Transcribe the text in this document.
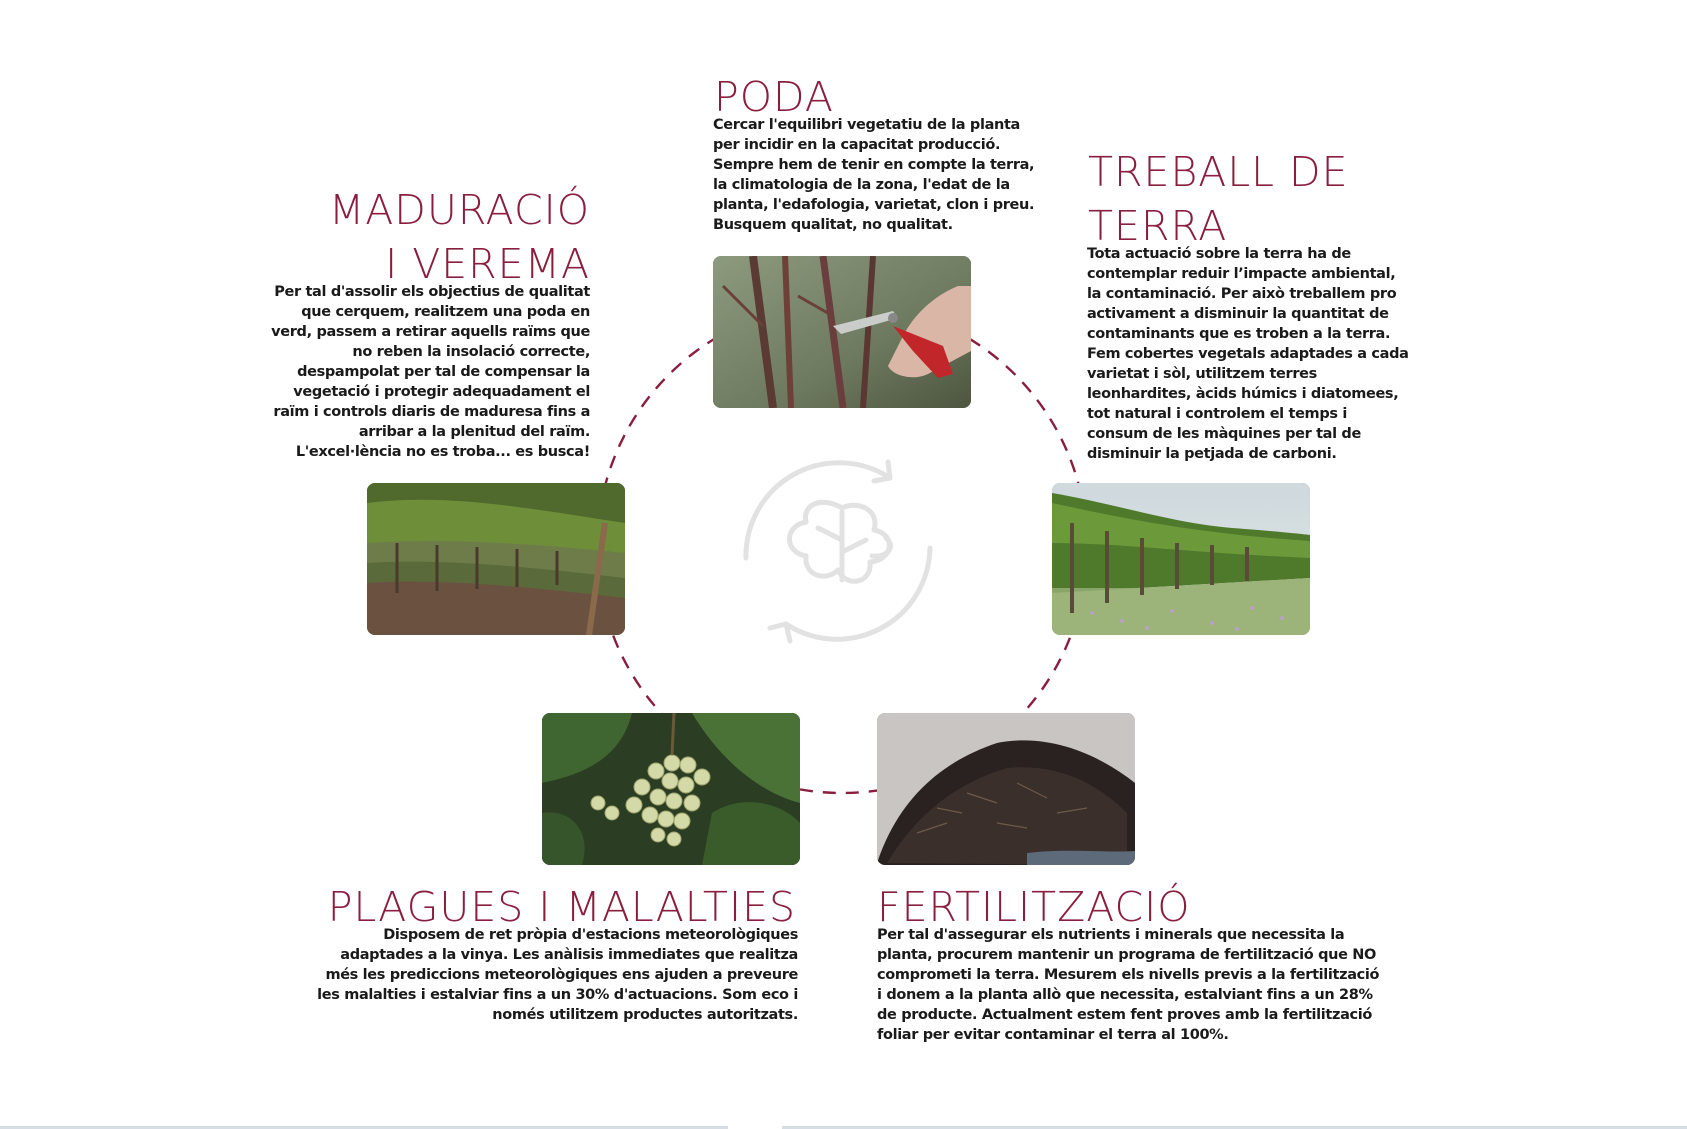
PODA

Cercar l'equilibri vegetatiu de la planta
per incidir en la capacitat producció.
Sempre hem de tenir en compte la terra,
la climatologia de la zona, l'edat de la
planta, l'edafologia, varietat, clon i preu.
Busquem qualitat, no qualitat.

TREBALL DE
TERRA

Tota actuació sobre la terra ha de
contemplar reduir l’impacte ambiental,
la contaminació. Per això treballem pro
activament a disminuir la quantitat de
contaminants que es troben a la terra.
Fem cobertes vegetals adaptades a cada
varietat i sòl, utilitzem terres
leonhardites, àcids húmics i diatomees,
tot natural i controlem el temps i
consum de les màquines per tal de
disminuir la petjada de carboni.

FERTILITZACIÓ

Per tal d'assegurar els nutrients i minerals que necessita la
planta, procurem mantenir un programa de fertilització que NO
comprometi la terra. Mesurem els nivells previs a la fertilització
i donem a la planta allò que necessita, estalviant fins a un 28%
de producte. Actualment estem fent proves amb la fertilització
foliar per evitar contaminar el terra al 100%.

PLAGUES I MALALTIES

Disposem de ret pròpia d'estacions meteorològiques
adaptades a la vinya. Les anàlisis immediates que realitza
més les prediccions meteorològiques ens ajuden a preveure
les malalties i estalviar fins a un 30% d'actuacions. Som eco i
només utilitzem productes autoritzats.

MADURACIÓ
I VEREMA

Per tal d'assolir els objectius de qualitat
que cerquem, realitzem una poda en
verd, passem a retirar aquells raïms que
no reben la insolació correcte,
despampolat per tal de compensar la
vegetació i protegir adequadament el
raïm i controls diaris de maduresa fins a
arribar a la plenitud del raïm.
L'excel·lència no es troba... es busca!
